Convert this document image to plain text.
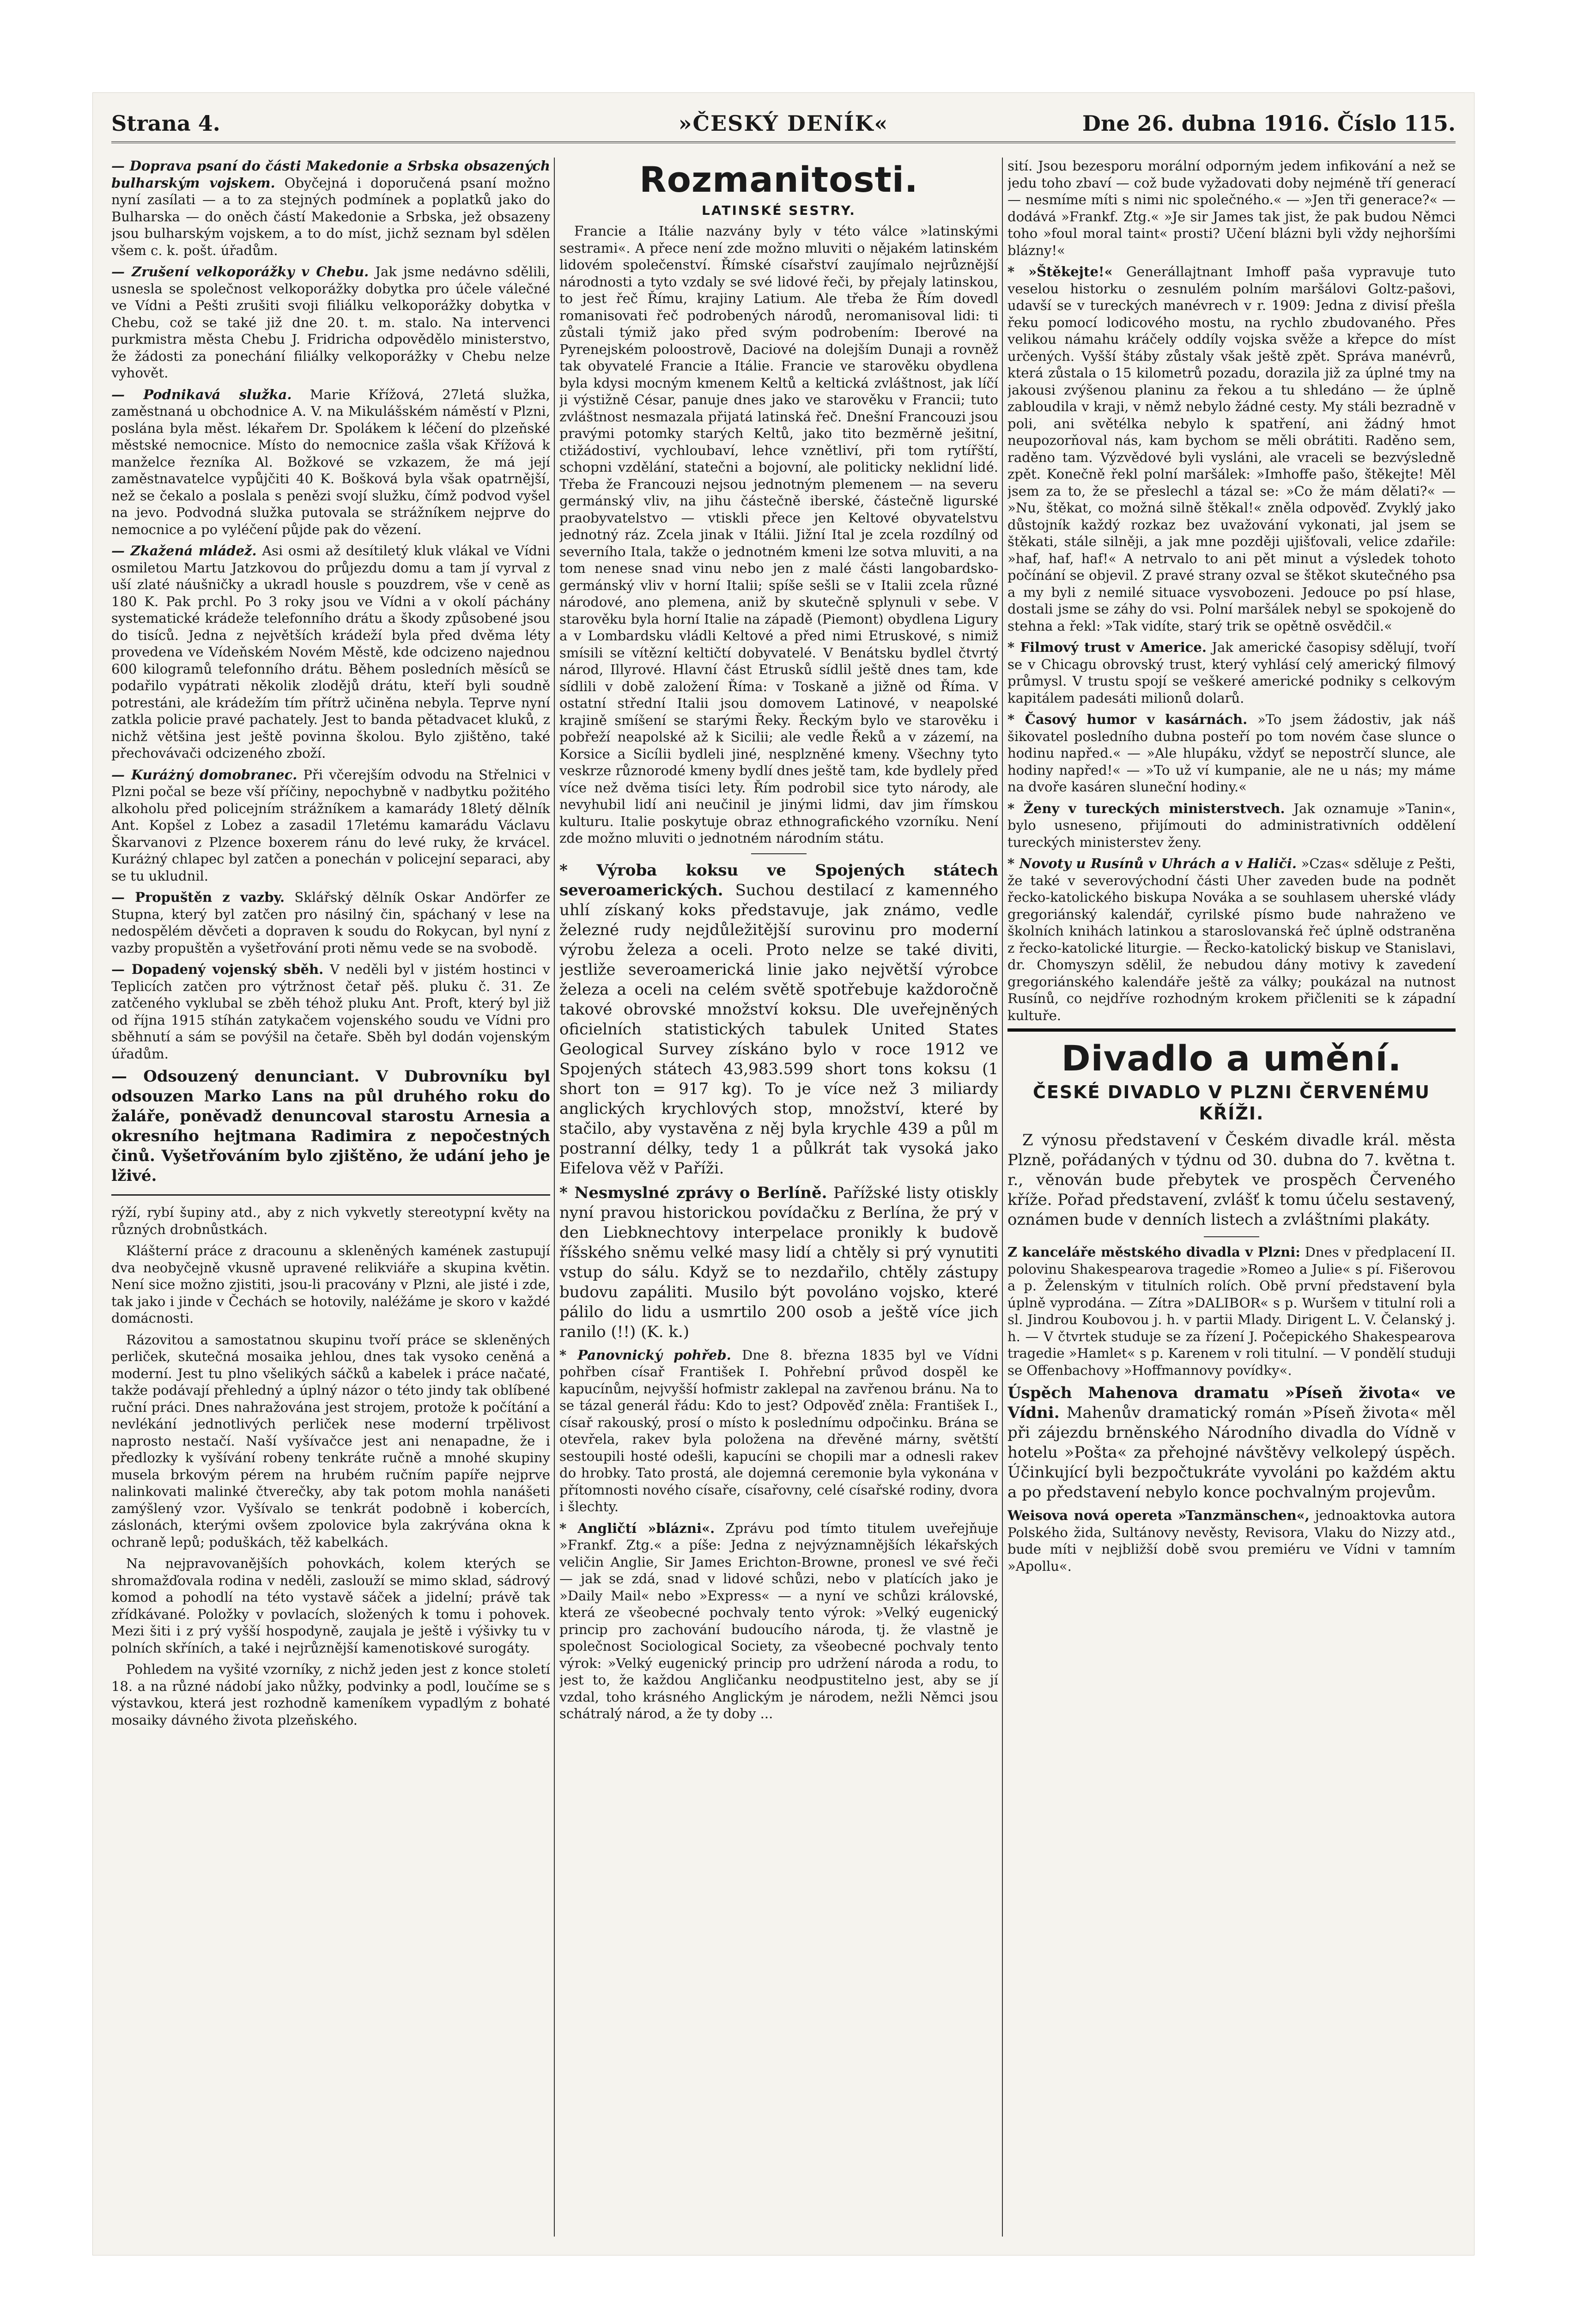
Strana 4.	»ČESKÝ DENÍK«	Dne 26. dubna 1916. Číslo 115.

— Doprava psaní do části Makedonie a Srbska obsazených bulharským vojskem. Obyčejná i doporučená psaní možno nyní zasílati — a to za stejných podmínek a poplatků jako do Bulharska — do oněch částí Makedonie a Srbska, jež obsazeny jsou bulharským vojskem, a to do míst, jichž seznam byl sdělen všem c. k. pošt. úřadům.

— Zrušení velkoporážky v Chebu. Jak jsme nedávno sdělili, usnesla se společnost velkoporážky dobytka pro účele válečné ve Vídni a Pešti zrušiti svoji filiálku velkoporážky dobytka v Chebu, což se také již dne 20. t. m. stalo. Na intervenci purkmistra města Chebu J. Fridricha odpovědělo ministerstvo, že žádosti za ponechání filiálky velkoporážky v Chebu nelze vyhovět.

— Podnikavá služka. Marie Křížová, 27letá služka, zaměstnaná u obchodnice A. V. na Mikulášském náměstí v Plzni, poslána byla měst. lékařem Dr. Spolákem k léčení do plzeňské městské nemocnice. Místo do nemocnice zašla však Křížová k manželce řezníka Al. Božkové se vzkazem, že má její zaměstnavatelce vypůjčiti 40 K. Bošková byla však opatrnější, než se čekalo a poslala s penězi svojí služku, čímž podvod vyšel na jevo. Podvodná služka putovala se strážníkem nejprve do nemocnice a po vyléčení půjde pak do vězení.

— Zkažená mládež. Asi osmi až desítiletý kluk vlákal ve Vídni osmiletou Martu Jatzkovou do průjezdu domu a tam jí vyrval z uší zlaté náušničky a ukradl housle s pouzdrem, vše v ceně as 180 K. Pak prchl. Po 3 roky jsou ve Vídni a v okolí páchány systematické krádeže telefonního drátu a škody způsobené jsou do tisíců. Jedna z největších krádeží byla před dvěma léty provedena ve Vídeňském Novém Městě, kde odcizeno najednou 600 kilogramů telefonního drátu. Během posledních měsíců se podařilo vypátrati několik zlodějů drátu, kteří byli soudně potrestáni, ale krádežím tím přítrž učiněna nebyla. Teprve nyní zatkla policie pravé pachately. Jest to banda pětadvacet kluků, z nichž většina jest ještě povinna školou. Bylo zjištěno, také přechovávači odcizeného zboží.

— Kuráżný domobranec. Při včerejším odvodu na Střelnici v Plzni počal se beze vší příčiny, nepochybně v nadbytku požitého alkoholu před policejním strážníkem a kamarády 18letý dělník Ant. Kopšel z Lobez a zasadil 17letému kamarádu Václavu Škarvanovi z Plzence boxerem ránu do levé ruky, že krvácel. Kuráżný chlapec byl zatčen a ponechán v policejní separaci, aby se tu ukludnil.

— Propuštěn z vazby. Sklářský dělník Oskar Andörfer ze Stupna, který byl zatčen pro násilný čin, spáchaný v lese na nedospělém děvčeti a dopraven k soudu do Rokycan, byl nyní z vazby propuštěn a vyšetřování proti němu vede se na svobodě.

— Dopadený vojenský sběh. V neděli byl v jistém hostinci v Teplicích zatčen pro výtržnost četař pěš. pluku č. 31. Ze zatčeného vyklubal se zběh téhož pluku Ant. Proft, který byl již od října 1915 stíhán zatykačem vojenského soudu ve Vídni pro sběhnutí a sám se povýšil na četaře. Sběh byl dodán vojenským úřadům.

— Odsouzený denunciant. V Dubrovníku byl odsouzen Marko Lans na půl druhého roku do žaláře, poněvadž denuncoval starostu Arnesia a okresního hejtmana Radimira z nepočestných činů. Vyšetřováním bylo zjištěno, že udání jeho je lživé.

rýží, rybí šupiny atd., aby z nich vykvetly stereotypní květy na různých drobnůstkách.

Klášterní práce z dracounu a skleněných kamének zastupují dva neobyčejně vkusně upravené relikviáře a skupina květin. Není sice možno zjistiti, jsou-li pracovány v Plzni, ale jisté i zde, tak jako i jinde v Čechách se hotovily, naléžáme je skoro v každé domácnosti.

Rázovitou a samostatnou skupinu tvoří práce se skleněných perliček, skutečná mosaika jehlou, dnes tak vysoko ceněná a moderní. Jest tu plno všelikých sáčků a kabelek i práce načaté, takže podávají přehledný a úplný názor o této jindy tak oblíbené ruční práci. Dnes nahražována jest strojem, protože k počítání a nevlékání jednotlivých perliček nese moderní trpělivost naprosto nestačí. Naší vyšívačce jest ani nenapadne, že i předlozky k vyšívání robeny tenkráte ručně a mnohé skupiny musela brkovým pérem na hrubém ručním papíře nejprve nalinkovati malinké čtverečky, aby tak potom mohla nanášeti zamýšlený vzor. Vyšívalo se tenkrát podobně i kobercích, záslonách, kterými ovšem zpolovice byla zakrývána okna k ochraně lepů; poduškách, těž kabelkách.

Na nejpravovanějších pohovkách, kolem kterých se shromažďovala rodina v neděli, zaslouží se mimo sklad, sádrový komod a pohodlí na této vystavě sáček a jidelní; právě tak zřídkávané. Položky v povlacích, složených k tomu i pohovek. Mezi šiti i z prý vyšší hospodyně, zaujala je ještě i výšivky tu v polních skříních, a také i nejrůznější kamenotiskové surogáty.

Pohledem na vyšité vzorníky, z nichž jeden jest z konce století 18. a na různé nádobí jako nůžky, podvinky a podl, loučíme se s výstavkou, která jest rozhodně kameníkem vypadlým z bohaté mosaiky dávného života plzeňského.

Rozmanitosti.
LATINSKÉ SESTRY.

Francie a Itálie nazvány byly v této válce »latinskými sestrami«. A přece není zde možno mluviti o nějakém latinském lidovém společenství. Římské císařství zaujímalo nejrůznější národnosti a tyto vzdaly se své lidové řeči, by přejaly latinskou, to jest řeč Římu, krajiny Latium. Ale třeba že Řím dovedl romanisovati řeč podrobených národů, neromanisoval lidi: ti zůstali týmiž jako před svým podrobením: Iberové na Pyrenejském poloostrově, Daciové na dolejším Dunaji a rovněž tak obyvatelé Francie a Itálie. Francie ve starověku obydlena byla kdysi mocným kmenem Keltů a keltická zvláštnost, jak líčí ji výstižně César, panuje dnes jako ve starověku v Francii; tuto zvláštnost nesmazala přijatá latinská řeč. Dnešní Francouzi jsou pravými potomky starých Keltů, jako tito bezměrně ješitní, ctižádostiví, vychloubaví, lehce vznětliví, při tom rytířští, schopni vzdělání, statečni a bojovní, ale politicky neklidní lidé. Třeba že Francouzi nejsou jednotným plemenem — na severu germánský vliv, na jihu částečně iberské, částečně ligurské praobyvatelstvo — vtiskli přece jen Keltové obyvatelstvu jednotný ráz. Zcela jinak v Itálii. Jižní Ital je zcela rozdílný od severního Itala, takže o jednotném kmeni lze sotva mluviti, a na tom nenese snad vinu nebo jen z malé části langobardsko-germánský vliv v horní Italii; spíše sešli se v Italii zcela různé národové, ano plemena, aniž by skutečně splynuli v sebe. V starověku byla horní Italie na západě (Piemont) obydlena Ligury a v Lombardsku vládli Keltové a před nimi Etruskové, s nimiž smísili se vítězní keltičtí dobyvatelé. V Benátsku bydlel čtvrtý národ, Illyrové. Hlavní část Etrusků sídlil ještě dnes tam, kde sídlili v době založení Říma: v Toskaně a jižně od Říma. V ostatní střední Italii jsou domovem Latinové, v neapolské krajině smíšení se starými Řeky. Řeckým bylo ve starověku i pobřeží neapolské až k Sicilii; ale vedle Řeků a v zázemí, na Korsice a Sicílii bydleli jiné, nesplzněné kmeny. Všechny tyto veskrze různorodé kmeny bydlí dnes ještě tam, kde bydlely před více než dvěma tisíci lety. Řím podrobil sice tyto národy, ale nevyhubil lidí ani neučinil je jinými lidmi, dav jim římskou kulturu. Italie poskytuje obraz ethnografického vzorníku. Není zde možno mluviti o jednotném národním státu.

* Výroba koksu ve Spojených státech severoamerických. Suchou destilací z kamenného uhlí získaný koks představuje, jak známo, vedle železné rudy nejdůležitější surovinu pro moderní výrobu železa a oceli. Proto nelze se také diviti, jestliže severoamerická linie jako největší výrobce železa a oceli na celém světě spotřebuje každoročně takové obrovské množství koksu. Dle uveřejněných oficielních statistických tabulek United States Geological Survey získáno bylo v roce 1912 ve Spojených státech 43,983.599 short tons koksu (1 short ton = 917 kg). To je více než 3 miliardy anglických krychlových stop, množství, které by stačilo, aby vystavěna z něj byla krychle 439 a půl m postranní délky, tedy 1 a půlkrát tak vysoká jako Eifelova věž v Paříži.

* Nesmyslné zprávy o Berlíně. Pařížské listy otiskly nyní pravou historickou povídačku z Berlína, že prý v den Liebknechtovy interpelace pronikly k budově říšského sněmu velké masy lidí a chtěly si prý vynutiti vstup do sálu. Když se to nezdařilo, chtěly zástupy budovu zapáliti. Musilo být povoláno vojsko, které pálilo do lidu a usmrtilo 200 osob a ještě více jich ranilo (!!) (K. k.)

* Panovnický pohřeb. Dne 8. března 1835 byl ve Vídni pohřben císař František I. Pohřební průvod dospěl ke kapucínům, nejvyšší hofmistr zaklepal na zavřenou bránu. Na to se tázal generál řádu: Kdo to jest? Odpověď zněla: František I., císař rakouský, prosí o místo k poslednímu odpočinku. Brána se otevřela, rakev byla položena na dřevěné márny, světští sestoupili hosté odešli, kapucíni se chopili mar a odnesli rakev do hrobky. Tato prostá, ale dojemná ceremonie byla vykonána v přítomnosti nového císaře, císařovny, celé císařské rodiny, dvora i šlechty.

* Angličtí »blázni«. Zprávu pod tímto titulem uveřejňuje »Frankf. Ztg.« a píše: Jedna z nejvýznamnějších lékařských veličin Anglie, Sir James Erichton-Browne, pronesl ve své řeči — jak se zdá, snad v lidové schůzi, nebo v platících jako je »Daily Mail« nebo »Express« — a nyní ve schůzi královské, která ze všeobecné pochvaly tento výrok: »Velký eugenický princip pro zachování budoucího národa, tj. že vlastně je společnost Sociological Society, za všeobecné pochvaly tento výrok: »Velký eugenický princip pro udržení národa a rodu, to jest to, že každou Angličanku neodpustitelno jest, aby se jí vzdal, toho krásného Anglickým je národem, nežli Němci jsou schátralý národ, a že ty doby ...

sití. Jsou bezesporu morální odporným jedem infikování a než se jedu toho zbaví — což bude vyžadovati doby nejméně tří generací — nesmíme míti s nimi nic společného.« — »Jen tři generace?« — dodává »Frankf. Ztg.« »Je sir James tak jist, že pak budou Němci toho »foul moral taint« prosti? Učení blázni byli vždy nejhoršími blázny!«

* »Štěkejte!« Generállajtnant Imhoff paša vypravuje tuto veselou historku o zesnulém polním maršálovi Goltz-pašovi, udavší se v tureckých manévrech v r. 1909: Jedna z divisí přešla řeku pomocí lodicového mostu, na rychlo zbudovaného. Přes velikou námahu kráčely oddíly vojska svěže a křepce do míst určených. Vyšší štáby zůstaly však ještě zpět. Správa manévrů, která zůstala o 15 kilometrů pozadu, dorazila již za úplné tmy na jakousi zvýšenou planinu za řekou a tu shledáno — že úplně zabloudila v kraji, v němž nebylo žádné cesty. My stáli bezradně v poli, ani světélka nebylo k spatření, ani žádný hmot neupozorňoval nás, kam bychom se měli obrátiti. Raděno sem, raděno tam. Výzvědové byli vysláni, ale vraceli se bezvýsledně zpět. Konečně řekl polní maršálek: »Imhoffe pašo, štěkejte! Měl jsem za to, že se přeslechl a tázal se: »Co že mám dělati?« — »Nu, štěkat, co možná silně štěkal!« zněla odpověď. Zvyklý jako důstojník každý rozkaz bez uvažování vykonati, jal jsem se štěkati, stále silněji, a jak mne později ujišťovali, velice zdařile: »haf, haf, haf!« A netrvalo to ani pět minut a výsledek tohoto počínání se objevil. Z pravé strany ozval se štěkot skutečného psa a my byli z nemilé situace vysvobozeni. Jedouce po psí hlase, dostali jsme se záhy do vsi. Polní maršálek nebyl se spokojeně do stehna a řekl: »Tak vidíte, starý trik se opětně osvědčil.«

* Filmový trust v Americe. Jak americké časopisy sdělují, tvoří se v Chicagu obrovský trust, který vyhlásí celý americký filmový průmysl. V trustu spojí se veškeré americké podniky s celkovým kapitálem padesáti milionů dolarů.

* Časový humor v kasárnách. »To jsem žádostiv, jak náš šikovatel posledního dubna posteří po tom novém čase slunce o hodinu napřed.« — »Ale hlupáku, vždyť se nepostrčí slunce, ale hodiny napřed!« — »To už ví kumpanie, ale ne u nás; my máme na dvoře kasáren sluneční hodiny.«

* Ženy v tureckých ministerstvech. Jak oznamuje »Tanin«, bylo usneseno, přijímouti do administrativních oddělení tureckých ministerstev ženy.

* Novoty u Rusínů v Uhrách a v Haliči. »Czas« sděluje z Pešti, že také v severovýchodní části Uher zaveden bude na podnět řecko-katolického biskupa Nováka a se souhlasem uherské vlády gregoriánský kalendář, cyrilské písmo bude nahraženo ve školních knihách latinkou a staroslovanská řeč úplně odstraněna z řecko-katolické liturgie. — Řecko-katolický biskup ve Stanislavi, dr. Chomyszyn sdělil, že nebudou dány motivy k zavedení gregoriánského kalendáře ještě za války; poukázal na nutnost Rusínů, co nejdříve rozhodným krokem přičleniti se k západní kultuře.

Divadlo a umění.
ČESKÉ DIVADLO V PLZNI ČERVENÉMU KŘÍŽI.

Z výnosu představení v Českém divadle král. města Plzně, pořádaných v týdnu od 30. dubna do 7. května t. r., věnován bude přebytek ve prospěch Červeného kříže. Pořad představení, zvlášť k tomu účelu sestavený, oznámen bude v denních listech a zvláštními plakáty.

Z kanceláře městského divadla v Plzni: Dnes v předplacení II. polovinu Shakespearova tragedie »Romeo a Julie« s pí. Fišerovou a p. Želenským v titulních rolích. Obě první představení byla úplně vyprodána. — Zítra »DALIBOR« s p. Wuršem v titulní roli a sl. Jindrou Koubovou j. h. v partii Mlady. Dirigent L. V. Čelanský j. h. — V čtvrtek studuje se za řízení J. Počepického Shakespearova tragedie »Hamlet« s p. Karenem v roli titulní. — V pondělí studuji se Offenbachovy »Hoffmannovy povídky«.

Úspěch Mahenova dramatu »Píseň života« ve Vídni. Mahenův dramatický román »Píseň života« měl při zájezdu brněnského Národního divadla do Vídně v hotelu »Pošta« za přehojné návštěvy velkolepý úspěch. Účinkující byli bezpočtukráte vyvoláni po každém aktu a po představení nebylo konce pochvalným projevům.

Weisova nová opereta »Tanzmänschen«, jednoaktovka autora Polského žida, Sultánovy nevěsty, Revisora, Vlaku do Nizzy atd., bude míti v nejbližší době svou premiéru ve Vídni v tamním »Apollu«.
